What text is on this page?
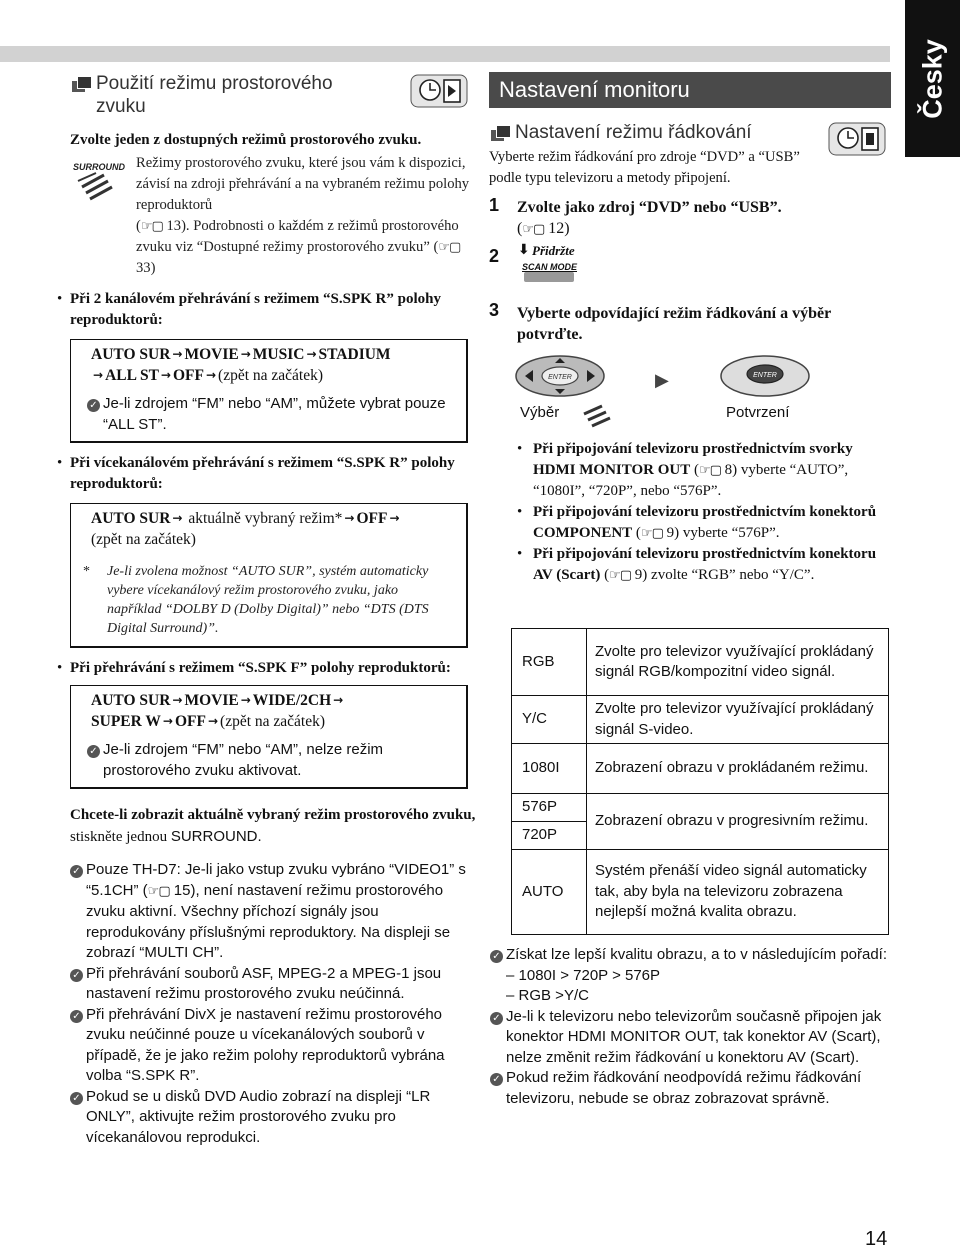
Česky
Použití režimu prostorového zvuku
Zvolte jeden z dostupných režimů prostorového zvuku.
SURROUND Režimy prostorového zvuku, které jsou vám k dispozici, závisí na zdroji přehrávání a na vybraném režimu polohy reproduktorů
(☞▢ 13). Podrobnosti o každém z režimů prostorového zvuku viz “Dostupné režimy prostorového zvuku” (☞▢ 33)
• Při 2 kanálovém přehrávání s režimem “S.SPK R” polohy reproduktorů:
AUTO SUR → MOVIE → MUSIC → STADIUM
→ ALL ST → OFF → (zpět na začátek)
✓ Je-li zdrojem “FM” nebo “AM”, můžete vybrat pouze “ALL ST”.
• Při vícekanálovém přehrávání s režimem “S.SPK R” polohy reproduktorů:
AUTO SUR → aktuálně vybraný režim* → OFF →
(zpět na začátek)
* Je-li zvolena možnost “AUTO SUR”, systém automaticky vybere vícekanálový režim prostorového zvuku, jako například “DOLBY D (Dolby Digital)” nebo “DTS (DTS Digital Surround)”.
• Při přehrávání s režimem “S.SPK F” polohy reproduktorů:
AUTO SUR → MOVIE → WIDE/2CH →
SUPER W → OFF → (zpět na začátek)
✓ Je-li zdrojem “FM” nebo “AM”, nelze režim prostorového zvuku aktivovat.
Chcete-li zobrazit aktuálně vybraný režim prostorového zvuku, stiskněte jednou SURROUND.
✓ Pouze TH-D7: Je-li jako vstup zvuku vybráno “VIDEO1” s “5.1CH” (☞▢ 15), není nastavení režimu prostorového zvuku aktivní. Všechny příchozí signály jsou reprodukovány příslušnými reproduktory. Na displeji se zobrazí “MULTI CH”.
✓ Při přehrávání souborů ASF, MPEG-2 a MPEG-1 jsou nastavení režimu prostorového zvuku neúčinná.
✓ Při přehrávání DivX je nastavení režimu prostorového zvuku neúčinné pouze u vícekanálových souborů v případě, že je jako režim polohy reproduktorů vybrána volba “S.SPK R”.
✓ Pokud se u disků DVD Audio zobrazí na displeji “LR ONLY”, aktivujte režim prostorového zvuku pro vícekanálovou reprodukci.
Nastavení monitoru
Nastavení režimu řádkování
Vyberte režim řádkování pro zdroje “DVD” a “USB” podle typu televizoru a metody připojení.
1 Zvolte jako zdroj “DVD” nebo “USB”.
(☞▢ 12)
2 ⬇ Přidržte
SCAN MODE
3 Vyberte odpovídající režim řádkování a výběr potvrďte.
ENTER	▶	ENTER
Výběr	Potvrzení
• Při připojování televizoru prostřednictvím svorky HDMI MONITOR OUT (☞▢ 8) vyberte “AUTO”, “1080I”, “720P”, nebo “576P”.
• Při připojování televizoru prostřednictvím konektorů COMPONENT (☞▢ 9) vyberte “576P”.
• Při připojování televizoru prostřednictvím konektoru AV (Scart) (☞▢ 9) zvolte “RGB” nebo “Y/C”.
RGB	Zvolte pro televizor využívající prokládaný signál RGB/kompozitní video signál.
Y/C	Zvolte pro televizor využívající prokládaný signál S-video.
1080I	Zobrazení obrazu v prokládaném režimu.
576P	Zobrazení obrazu v progresivním režimu.
720P	
AUTO	Systém přenáší video signál automaticky tak, aby byla na televizoru zobrazena nejlepší možná kvalita obrazu.
✓ Získat lze lepší kvalitu obrazu, a to v následujícím pořadí:
– 1080I > 720P > 576P
– RGB >Y/C
✓ Je-li k televizoru nebo televizorům současně připojen jak konektor HDMI MONITOR OUT, tak konektor AV (Scart), nelze změnit režim řádkování u konektoru AV (Scart).
✓ Pokud režim řádkování neodpovídá režimu řádkování televizoru, nebude se obraz zobrazovat správně.
14
